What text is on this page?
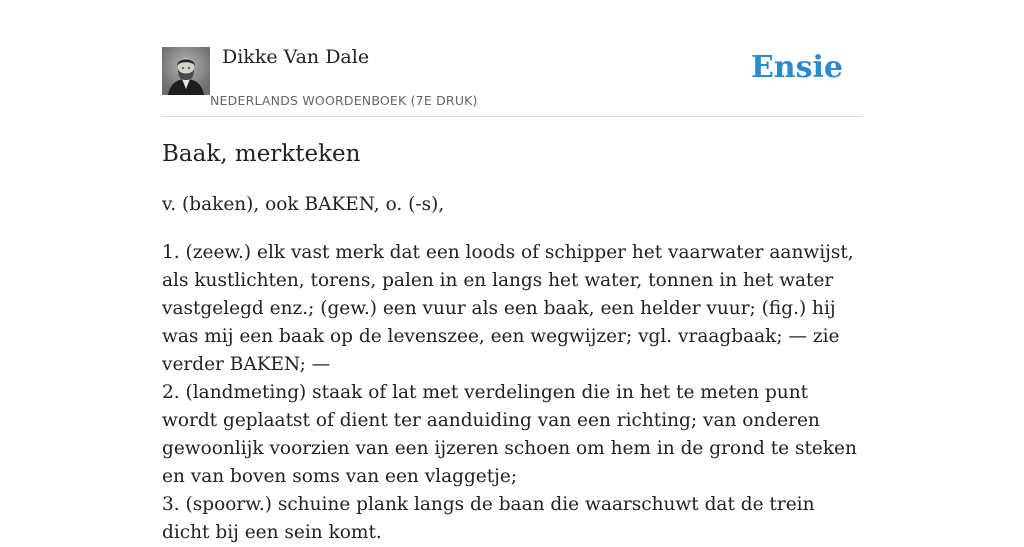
Dikke Van Dale
NEDERLANDS WOORDENBOEK (7E DRUK)
Ensie
Baak, merkteken

v. (baken), ook BAKEN, o. (-s),

1. (zeew.) elk vast merk dat een loods of schipper het vaarwater aanwijst, als kustlichten, torens, palen in en langs het water, tonnen in het water vastgelegd enz.; (gew.) een vuur als een baak, een helder vuur; (fig.) hij was mij een baak op de levenszee, een wegwijzer; vgl. vraagbaak; — zie verder BAKEN; —
2. (landmeting) staak of lat met verdelingen die in het te meten punt wordt geplaatst of dient ter aanduiding van een richting; van onderen gewoonlijk voorzien van een ijzeren schoen om hem in de grond te steken en van boven soms van een vlaggetje;
3. (spoorw.) schuine plank langs de baan die waarschuwt dat de trein dicht bij een sein komt.
